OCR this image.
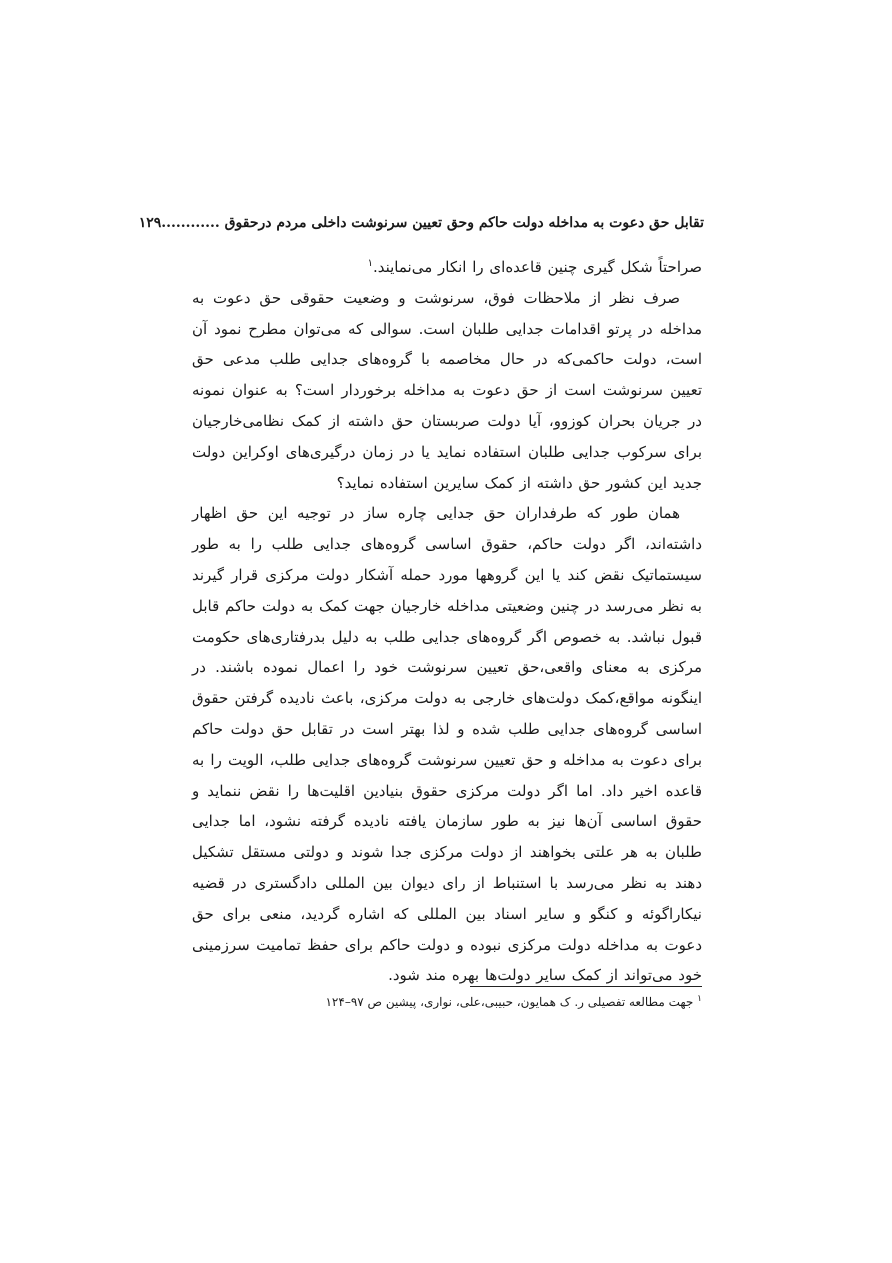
تقابل حق دعوت به مداخله دولت حاکم وحق تعیین سرنوشت داخلی مردم درحقوق ............۱۲۹

صراحتاً شکل گیری چنین قاعده‌ای را انکار می‌نمایند.$^۱$

صرف نظر از ملاحظات فوق، سرنوشت و وضعیت حقوقی حق دعوت به مداخله در پرتو اقدامات جدایی طلبان است. سوالی که می‌توان مطرح نمود آن است، دولت حاکمی‌که در حال مخاصمه با گروه‌های جدایی طلب مدعی حق تعیین سرنوشت است از حق دعوت به مداخله برخوردار است؟ به عنوان نمونه در جریان بحران کوزوو، آیا دولت صربستان حق داشته از کمک نظامی‌خارجیان برای سرکوب جدایی طلبان استفاده نماید یا در زمان درگیری‌های اوکراین دولت جدید این کشور حق داشته از کمک سایرین استفاده نماید؟

همان طور که طرفداران حق جدایی چاره ساز در توجیه این حق اظهار داشته‌اند، اگر دولت حاکم، حقوق اساسی گروه‌های جدایی طلب را به طور سیستماتیک نقض کند یا این گروهها مورد حمله آشکار دولت مرکزی قرار گیرند به نظر می‌رسد در چنین وضعیتی مداخله خارجیان جهت کمک به دولت حاکم قابل قبول نباشد. به خصوص اگر گروه‌های جدایی طلب به دلیل بدرفتاری‌های حکومت مرکزی به معنای واقعی،حق تعیین سرنوشت خود را اعمال نموده باشند. در اینگونه مواقع،کمک دولت‌های خارجی به دولت مرکزی، باعث نادیده گرفتن حقوق اساسی گروه‌های جدایی طلب شده و لذا بهتر است در تقابل حق دولت حاکم برای دعوت به مداخله و حق تعیین سرنوشت گروه‌های جدایی طلب، الویت را به قاعده اخیر داد. اما اگر دولت مرکزی حقوق بنیادین اقلیت‌ها را نقض ننماید و حقوق اساسی آن‌ها نیز به طور سازمان یافته نادیده گرفته نشود، اما جدایی طلبان به هر علتی بخواهند از دولت مرکزی جدا شوند و دولتی مستقل تشکیل دهند به نظر می‌رسد با استنباط از رای دیوان بین المللی دادگستری در قضیه نیکاراگوئه و کنگو و سایر اسناد بین المللی که اشاره گردید، منعی برای حق دعوت به مداخله دولت مرکزی نبوده و دولت حاکم برای حفظ تمامیت سرزمینی خود می‌تواند از کمک سایر دولت‌ها بهره مند شود.

$^۱$ جهت مطالعه تفصیلی ر. ک همایون، حبیبی،علی، نواری، پیشین ص ۹۷–۱۲۴
